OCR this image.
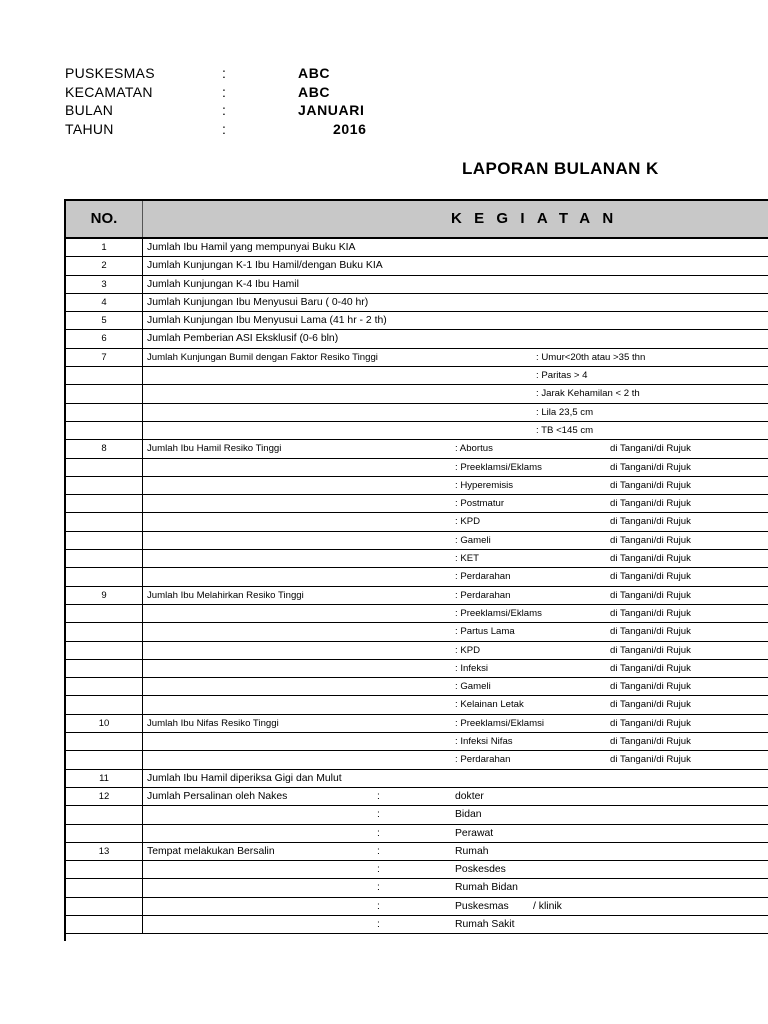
PUSKESMAS	:	ABC
KECAMATAN	:	ABC
BULAN	:	JANUARI
TAHUN	:	2016
LAPORAN BULANAN K
NO.	KEGIATAN
1	Jumlah Ibu Hamil yang mempunyai Buku KIA
2	Jumlah Kunjungan K-1 Ibu Hamil/dengan Buku KIA
3	Jumlah Kunjungan K-4 Ibu Hamil
4	Jumlah Kunjungan Ibu Menyusui Baru ( 0-40 hr)
5	Jumlah Kunjungan Ibu Menyusui Lama (41 hr - 2 th)
6	Jumlah Pemberian ASI Eksklusif (0-6 bln)
7	Jumlah Kunjungan Bumil dengan Faktor Resiko Tinggi	: Umur<20th atau >35 thn
: Paritas > 4
: Jarak Kehamilan < 2 th
: Lila 23,5 cm
: TB <145 cm
8	Jumlah Ibu Hamil Resiko Tinggi	: Abortus	di Tangani/di Rujuk
: Preeklamsi/Eklams	di Tangani/di Rujuk
: Hyperemisis	di Tangani/di Rujuk
: Postmatur	di Tangani/di Rujuk
: KPD	di Tangani/di Rujuk
: Gameli	di Tangani/di Rujuk
: KET	di Tangani/di Rujuk
: Perdarahan	di Tangani/di Rujuk
9	Jumlah Ibu Melahirkan Resiko Tinggi	: Perdarahan	di Tangani/di Rujuk
: Preeklamsi/Eklams	di Tangani/di Rujuk
: Partus Lama	di Tangani/di Rujuk
: KPD	di Tangani/di Rujuk
: Infeksi	di Tangani/di Rujuk
: Gameli	di Tangani/di Rujuk
: Kelainan Letak	di Tangani/di Rujuk
10	Jumlah Ibu Nifas Resiko Tinggi	: Preeklamsi/Eklamsi	di Tangani/di Rujuk
: Infeksi Nifas	di Tangani/di Rujuk
: Perdarahan	di Tangani/di Rujuk
11	Jumlah Ibu Hamil diperiksa Gigi dan Mulut
12	Jumlah Persalinan oleh Nakes	:	dokter
:	Bidan
:	Perawat
13	Tempat melakukan Bersalin	:	Rumah
:	Poskesdes
:	Rumah Bidan
:	Puskesmas / klinik
:	Rumah Sakit
